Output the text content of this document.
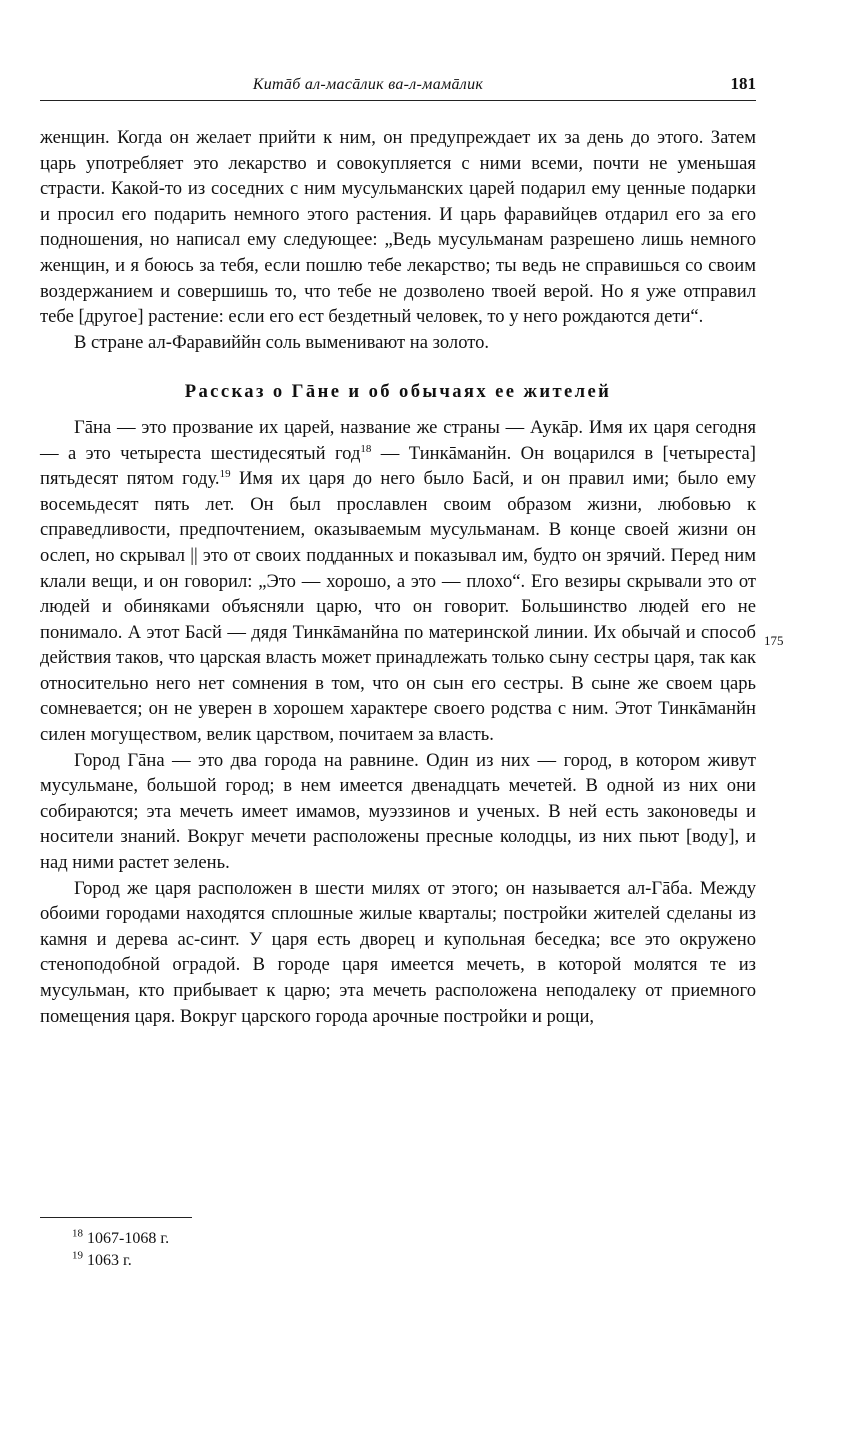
Китāб ал-масāлик ва-л-мамāлик	181

женщин. Когда он желает прийти к ним, он предупреждает их за день до этого. Затем царь употребляет это лекарство и совокупляется с ними всеми, почти не уменьшая страсти. Какой-то из соседних с ним мусульманских царей подарил ему ценные подарки и просил его подарить немного этого растения. И царь фаравийцев отдарил его за его подношения, но написал ему следующее: „Ведь мусульманам разрешено лишь немного женщин, и я боюсь за тебя, если пошлю тебе лекарство; ты ведь не справишься со своим воздержанием и совершишь то, что тебе не дозволено твоей верой. Но я уже отправил тебе [другое] растение: если его ест бездетный человек, то у него рождаются дети“.

В стране ал-Фаравиййн соль выменивают на золото.

Рассказ о Гāне и об обычаях ее жителей

Гāна — это прозвание их царей, название же страны — Аукāр. Имя их царя сегодня — а это четыреста шестидесятый год$^{18}$ — Тинкāманйн. Он воцарился в [четыреста] пятьдесят пятом году.$^{19}$ Имя их царя до него было Басй, и он правил ими; было ему восемьдесят пять лет. Он был прославлен своим образом жизни, любовью к справедливости, предпочтением, оказываемым мусульманам. В конце своей жизни он ослеп, но скрывал || это от своих подданных и показывал им, будто он зрячий. Перед ним клали вещи, и он говорил: „Это — хорошо, а это — плохо“. Его везиры скрывали это от людей и обиняками объясняли царю, что он говорит. Большинство людей его не понимало. А этот Басй — дядя Тинкāманйна по материнской линии. Их обычай и способ действия таков, что царская власть может принадлежать только сыну сестры царя, так как относительно него нет сомнения в том, что он сын его сестры. В сыне же своем царь сомневается; он не уверен в хорошем характере своего родства с ним. Этот Тинкāманйн силен могуществом, велик царством, почитаем за власть.

Город Гāна — это два города на равнине. Один из них — город, в котором живут мусульмане, большой город; в нем имеется двенадцать мечетей. В одной из них они собираются; эта мечеть имеет имамов, муэззинов и ученых. В ней есть законоведы и носители знаний. Вокруг мечети расположены пресные колодцы, из них пьют [воду], и над ними растет зелень.

Город же царя расположен в шести милях от этого; он называется ал-Гāба. Между обоими городами находятся сплошные жилые кварталы; постройки жителей сделаны из камня и дерева ас-синт. У царя есть дворец и купольная беседка; все это окружено стеноподобной оградой. В городе царя имеется мечеть, в которой молятся те из мусульман, кто прибывает к царю; эта мечеть расположена неподалеку от приемного помещения царя. Вокруг царского города арочные постройки и рощи,

175
$^{18}$ 1067-1068 г.
$^{19}$ 1063 г.
